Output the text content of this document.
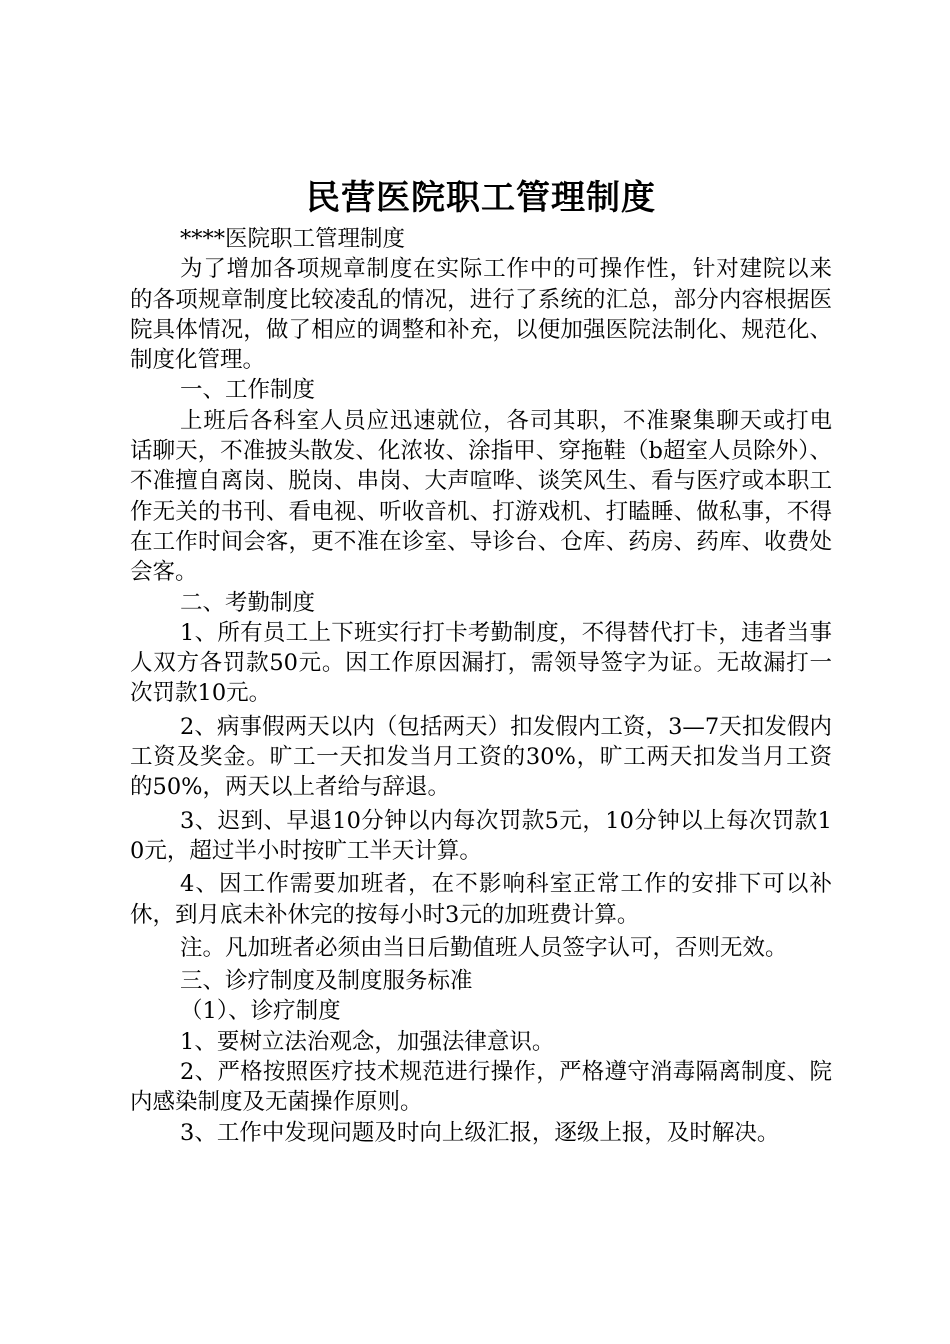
民营医院职工管理制度

****医院职工管理制度

为了增加各项规章制度在实际工作中的可操作性，针对建院以来的各项规章制度比较凌乱的情况，进行了系统的汇总，部分内容根据医院具体情况，做了相应的调整和补充，以便加强医院法制化、规范化、制度化管理。

一、工作制度

上班后各科室人员应迅速就位，各司其职，不准聚集聊天或打电话聊天，不准披头散发、化浓妆、涂指甲、穿拖鞋（b超室人员除外）、不准擅自离岗、脱岗、串岗、大声喧哗、谈笑风生、看与医疗或本职工作无关的书刊、看电视、听收音机、打游戏机、打瞌睡、做私事，不得在工作时间会客，更不准在诊室、导诊台、仓库、药房、药库、收费处会客。

二、考勤制度

1、所有员工上下班实行打卡考勤制度，不得替代打卡，违者当事人双方各罚款50元。因工作原因漏打，需领导签字为证。无故漏打一次罚款10元。

2、病事假两天以内（包括两天）扣发假内工资，3—7天扣发假内工资及奖金。旷工一天扣发当月工资的30%，旷工两天扣发当月工资的50%，两天以上者给与辞退。

3、迟到、早退10分钟以内每次罚款5元，10分钟以上每次罚款10元，超过半小时按旷工半天计算。

4、因工作需要加班者，在不影响科室正常工作的安排下可以补休，到月底未补休完的按每小时3元的加班费计算。

注。凡加班者必须由当日后勤值班人员签字认可，否则无效。

三、诊疗制度及制度服务标准

（1）、诊疗制度

1、要树立法治观念，加强法律意识。

2、严格按照医疗技术规范进行操作，严格遵守消毒隔离制度、院内感染制度及无菌操作原则。

3、工作中发现问题及时向上级汇报，逐级上报，及时解决。
